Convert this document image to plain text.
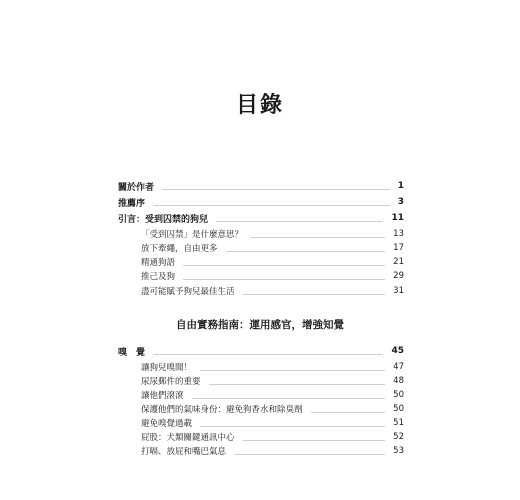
目錄
關於作者	1
推薦序	3
引言：受到囚禁的狗兒	11
「受到囚禁」是什麼意思？	13
放下牽繩，自由更多	17
精通狗語	21
推己及狗	29
盡可能賦予狗兒最佳生活	31
自由實務指南：運用感官，增強知覺
嗅　覺	45
讓狗兒嗅聞！	47
尿尿郵件的重要	48
讓他們滾滾	50
保護他們的氣味身份：避免狗香水和除臭劑	50
避免嗅覺過載	51
屁股：犬類關鍵通訊中心	52
打嗝、放屁和嘴巴氣息	53
